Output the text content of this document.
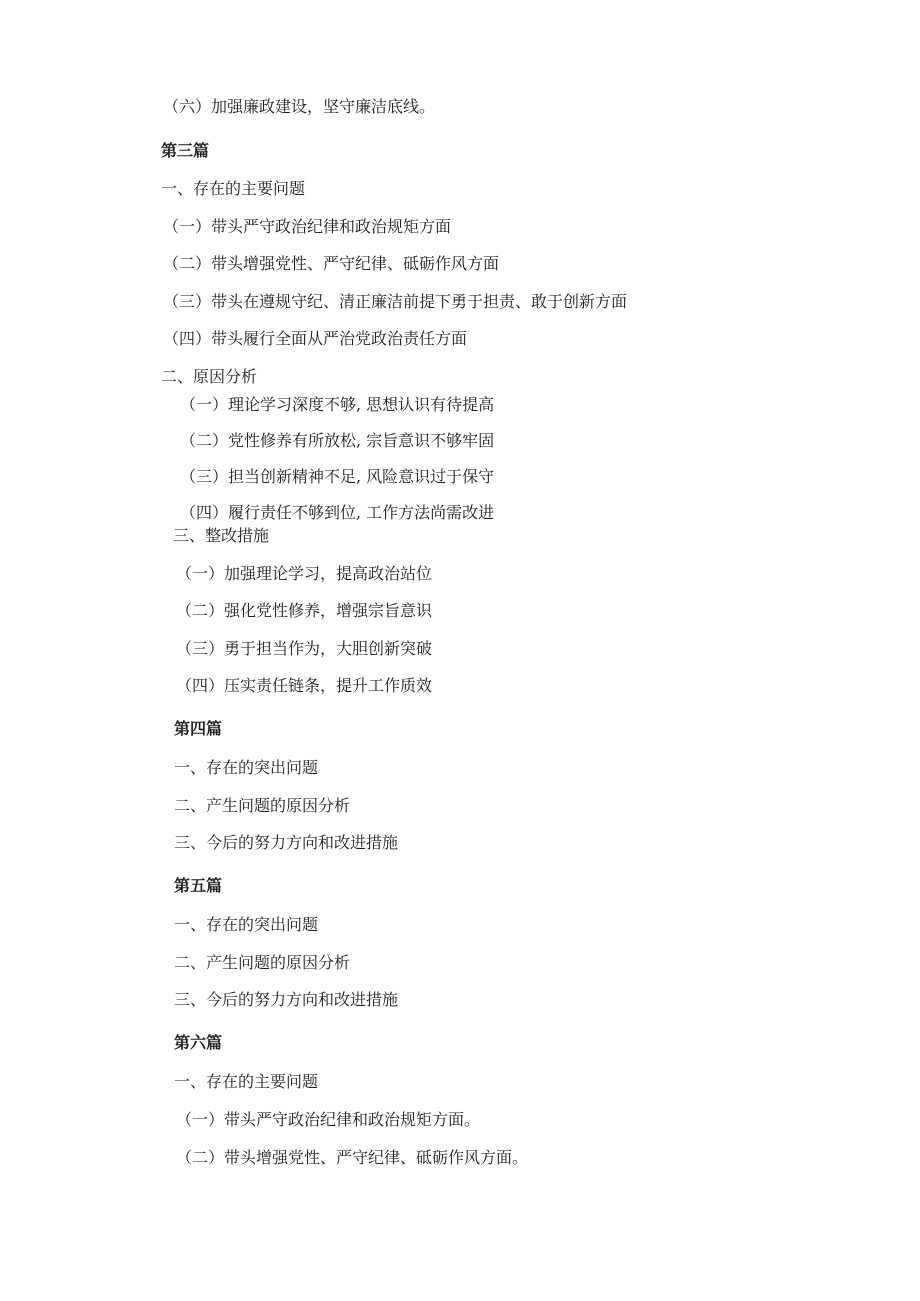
（六）加强廉政建设，坚守廉洁底线。
第三篇
一、存在的主要问题
（一）带头严守政治纪律和政治规矩方面
（二）带头增强党性、严守纪律、砥砺作风方面
（三）带头在遵规守纪、清正廉洁前提下勇于担责、敢于创新方面
（四）带头履行全面从严治党政治责任方面
二、原因分析
（一）理论学习深度不够, 思想认识有待提高
（二）党性修养有所放松, 宗旨意识不够牢固
（三）担当创新精神不足, 风险意识过于保守
（四）履行责任不够到位, 工作方法尚需改进
三、整改措施
（一）加强理论学习，提高政治站位
（二）强化党性修养，增强宗旨意识
（三）勇于担当作为，大胆创新突破
（四）压实责任链条，提升工作质效
第四篇
一、存在的突出问题
二、产生问题的原因分析
三、今后的努力方向和改进措施
第五篇
一、存在的突出问题
二、产生问题的原因分析
三、今后的努力方向和改进措施
第六篇
一、存在的主要问题
（一）带头严守政治纪律和政治规矩方面。
（二）带头增强党性、严守纪律、砥砺作风方面。
